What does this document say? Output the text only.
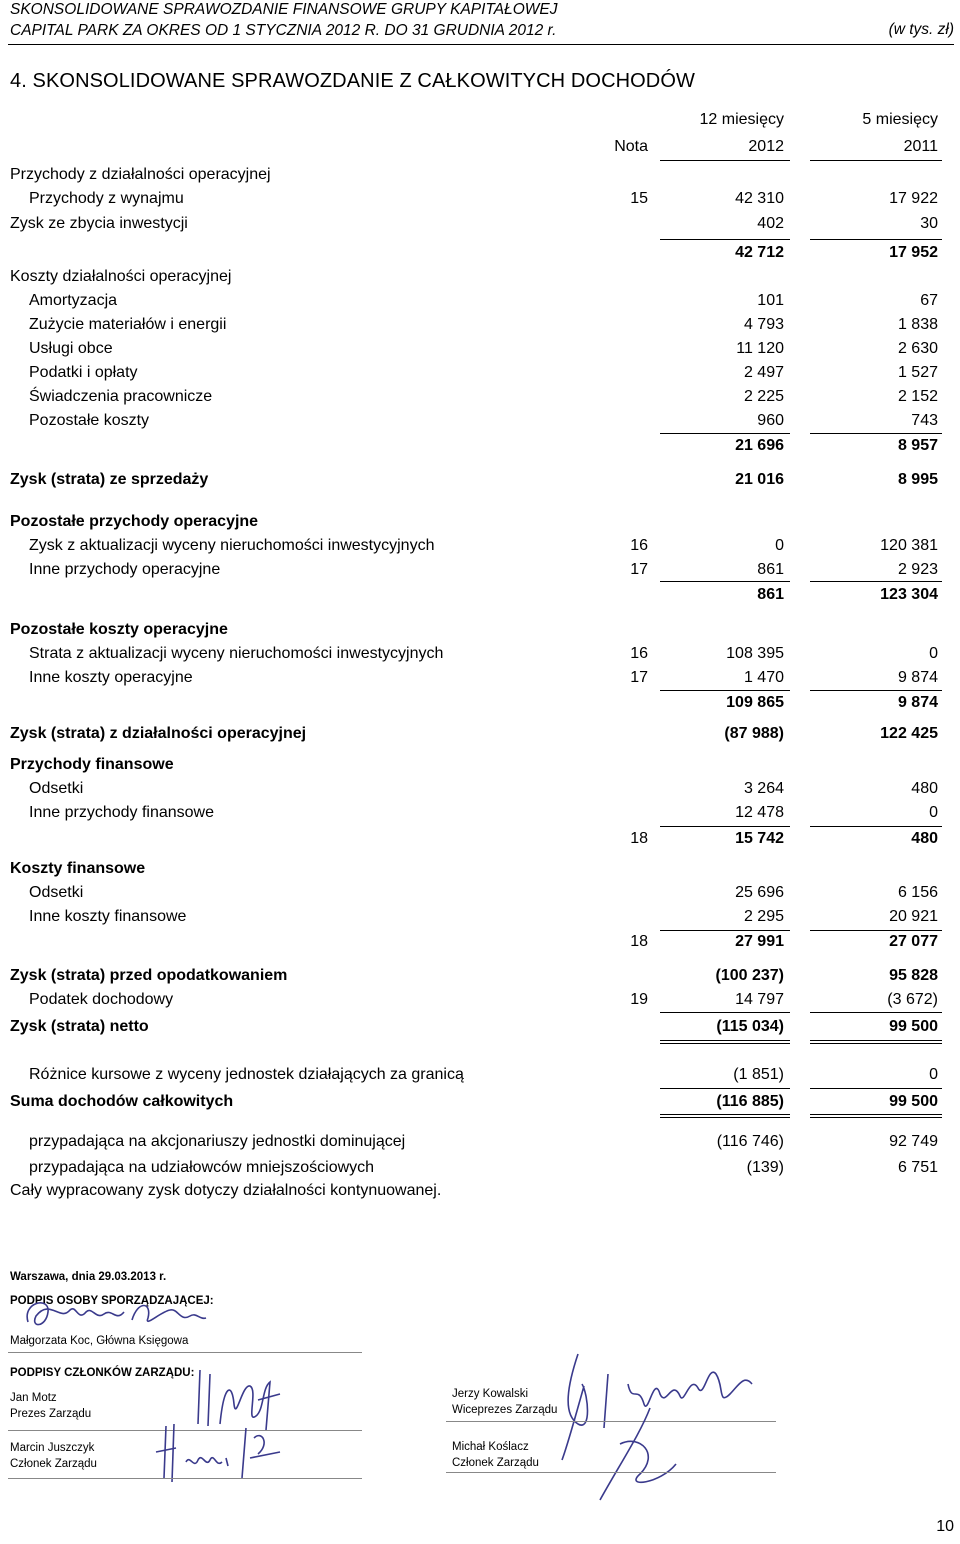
SKONSOLIDOWANE SPRAWOZDANIE FINANSOWE GRUPY KAPITAŁOWEJ
CAPITAL PARK ZA OKRES OD 1 STYCZNIA 2012 R. DO 31 GRUDNIA 2012 r.	(w tys. zł)
4. SKONSOLIDOWANE SPRAWOZDANIE Z CAŁKOWITYCH DOCHODÓW
12 miesięcy	5 miesięcy
Nota	2012	2011
Przychody z działalności operacyjnej
Przychody z wynajmu	15	42 310	17 922
Zysk ze zbycia inwestycji	402	30
42 712	17 952
Koszty działalności operacyjnej
Amortyzacja	101	67
Zużycie materiałów i energii	4 793	1 838
Usługi obce	11 120	2 630
Podatki i opłaty	2 497	1 527
Świadczenia pracownicze	2 225	2 152
Pozostałe koszty	960	743
21 696	8 957
Zysk (strata) ze sprzedaży	21 016	8 995
Pozostałe przychody operacyjne
Zysk z aktualizacji wyceny nieruchomości inwestycyjnych	16	0	120 381
Inne przychody operacyjne	17	861	2 923
861	123 304
Pozostałe koszty operacyjne
Strata z aktualizacji wyceny nieruchomości inwestycyjnych	16	108 395	0
Inne koszty operacyjne	17	1 470	9 874
109 865	9 874
Zysk (strata) z działalności operacyjnej	(87 988)	122 425
Przychody finansowe
Odsetki	3 264	480
Inne przychody finansowe	12 478	0
18	15 742	480
Koszty finansowe
Odsetki	25 696	6 156
Inne koszty finansowe	2 295	20 921
18	27 991	27 077
Zysk (strata) przed opodatkowaniem	(100 237)	95 828
Podatek dochodowy	19	14 797	(3 672)
Zysk (strata) netto	(115 034)	99 500
Różnice kursowe z wyceny jednostek działających za granicą	(1 851)	0
Suma dochodów całkowitych	(116 885)	99 500
przypadająca na akcjonariuszy jednostki dominującej	(116 746)	92 749
przypadająca na udziałowców mniejszościowych	(139)	6 751
Cały wypracowany zysk dotyczy działalności kontynuowanej.
Warszawa, dnia 29.03.2013 r.
PODPIS OSOBY SPORZĄDZAJĄCEJ:
Małgorzata Koc, Główna Księgowa
PODPISY CZŁONKÓW ZARZĄDU:
Jan Motz
Prezes Zarządu
Marcin Juszczyk
Członek Zarządu
Jerzy Kowalski
Wiceprezes Zarządu
Michał Koślacz
Członek Zarządu
10
